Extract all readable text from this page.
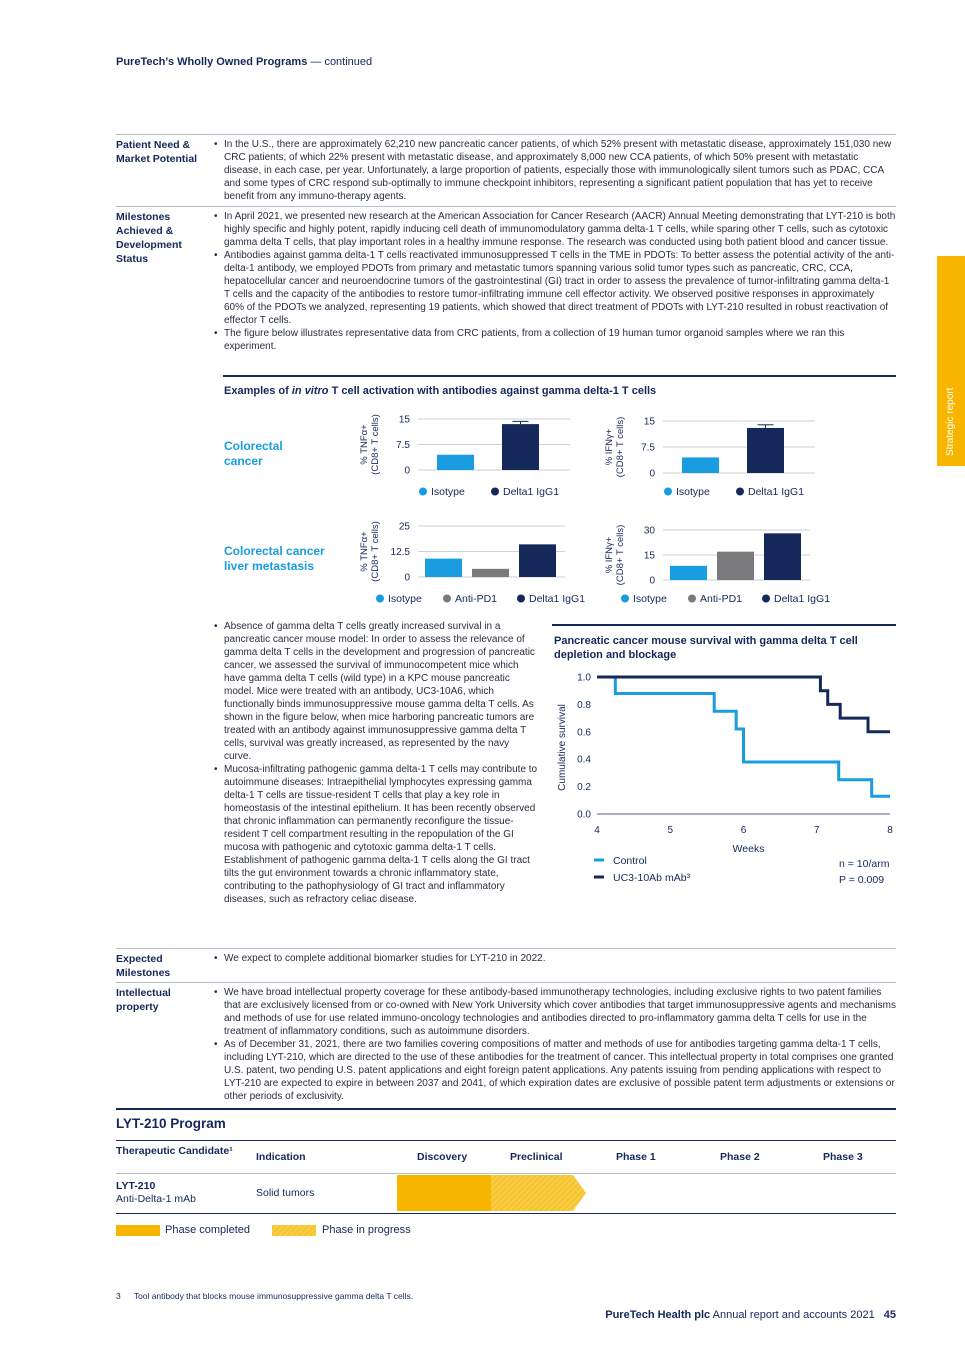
PureTech’s Wholly Owned Programs — continued
Strategic report
Patient Need & Market Potential
• In the U.S., there are approximately 62,210 new pancreatic cancer patients, of which 52% present with metastatic disease, approximately 151,030 new CRC patients, of which 22% present with metastatic disease, and approximately 8,000 new CCA patients, of which 50% present with metastatic disease, in each case, per year. Unfortunately, a large proportion of patients, especially those with immunologically silent tumors such as PDAC, CCA and some types of CRC respond sub-optimally to immune checkpoint inhibitors, representing a significant patient population that has yet to receive benefit from any immuno-therapy agents.
Milestones Achieved & Development Status
• In April 2021, we presented new research at the American Association for Cancer Research (AACR) Annual Meeting demonstrating that LYT-210 is both highly specific and highly potent, rapidly inducing cell death of immunomodulatory gamma delta-1 T cells, while sparing other T cells, such as cytotoxic gamma delta T cells, that play important roles in a healthy immune response. The research was conducted using both patient blood and cancer tissue.
• Antibodies against gamma delta-1 T cells reactivated immunosuppressed T cells in the TME in PDOTs: To better assess the potential activity of the anti-delta-1 antibody, we employed PDOTs from primary and metastatic tumors spanning various solid tumor types such as pancreatic, CRC, CCA, hepatocellular cancer and neuroendocrine tumors of the gastrointestinal (GI) tract in order to assess the prevalence of tumor-infiltrating gamma delta-1 T cells and the capacity of the antibodies to restore tumor-infiltrating immune cell effector activity. We observed positive responses in approximately 60% of the PDOTs we analyzed, representing 19 patients, which showed that direct treatment of PDOTs with LYT-210 resulted in robust reactivation of effector T cells.
• The figure below illustrates representative data from CRC patients, from a collection of 19 human tumor organoid samples where we ran this experiment.
Examples of in vitro T cell activation with antibodies against gamma delta-1 T cells
Colorectal cancer
Colorectal cancer liver metastasis
% TNFα+(CD8+ T cells) 15
7.5
0
Isotype	Delta1 IgG1
% IFNγ+(CD8+ T cells) 15
7.5
0
Isotype	Delta1 IgG1
% TNFα+(CD8+ T cells) 25
12.5
0
Isotype	Anti-PD1	Delta1 IgG1
% IFNγ+(CD8+ T cells) 30
15
0
Isotype	Anti-PD1	Delta1 IgG1
• Absence of gamma delta T cells greatly increased survival in a pancreatic cancer mouse model: In order to assess the relevance of gamma delta T cells in the development and progression of pancreatic cancer, we assessed the survival of immunocompetent mice which have gamma delta T cells (wild type) in a KPC mouse pancreatic model. Mice were treated with an antibody, UC3-10A6, which functionally binds immunosuppressive mouse gamma delta T cells. As shown in the figure below, when mice harboring pancreatic tumors are treated with an antibody against immunosuppressive gamma delta T cells, survival was greatly increased, as represented by the navy curve.
• Mucosa-infiltrating pathogenic gamma delta-1 T cells may contribute to autoimmune diseases: Intraepithelial lymphocytes expressing gamma delta-1 T cells are tissue-resident T cells that play a key role in homeostasis of the intestinal epithelium. It has been recently observed that chronic inflammation can permanently reconfigure the tissue-resident T cell compartment resulting in the repopulation of the GI mucosa with pathogenic and cytotoxic gamma delta-1 T cells. Establishment of pathogenic gamma delta-1 T cells along the GI tract tilts the gut environment towards a chronic inflammatory state, contributing to the pathophysiology of GI tract and inflammatory diseases, such as refractory celiac disease.
Pancreatic cancer mouse survival with gamma delta T cell depletion and blockage
1.0
0.8
0.6
0.4
0.2
0.0
4	5	6	7	8
Cumulative survival
Weeks
Control
UC3-10Ab mAb³
n = 10/arm
P = 0.009
Expected Milestones
• We expect to complete additional biomarker studies for LYT-210 in 2022.
Intellectual property
• We have broad intellectual property coverage for these antibody-based immunotherapy technologies, including exclusive rights to two patent families that are exclusively licensed from or co-owned with New York University which cover antibodies that target immunosuppressive agents and mechanisms and methods of use for use related immuno-oncology technologies and antibodies directed to pro-inflammatory gamma delta T cells for use in the treatment of inflammatory conditions, such as autoimmune disorders.
• As of December 31, 2021, there are two families covering compositions of matter and methods of use for antibodies targeting gamma delta-1 T cells, including LYT-210, which are directed to the use of these antibodies for the treatment of cancer. This intellectual property in total comprises one granted U.S. patent, two pending U.S. patent applications and eight foreign patent applications. Any patents issuing from pending applications with respect to LYT-210 are expected to expire in between 2037 and 2041, of which expiration dates are exclusive of possible patent term adjustments or extensions or other periods of exclusivity.
LYT-210 Program
Therapeutic Candidate¹	Indication	Discovery	Preclinical	Phase 1	Phase 2	Phase 3
LYT-210
Anti-Delta-1 mAb	Solid tumors
Phase completed	Phase in progress
3 Tool antibody that blocks mouse immunosuppressive gamma delta T cells.
PureTech Health plc Annual report and accounts 2021 45
